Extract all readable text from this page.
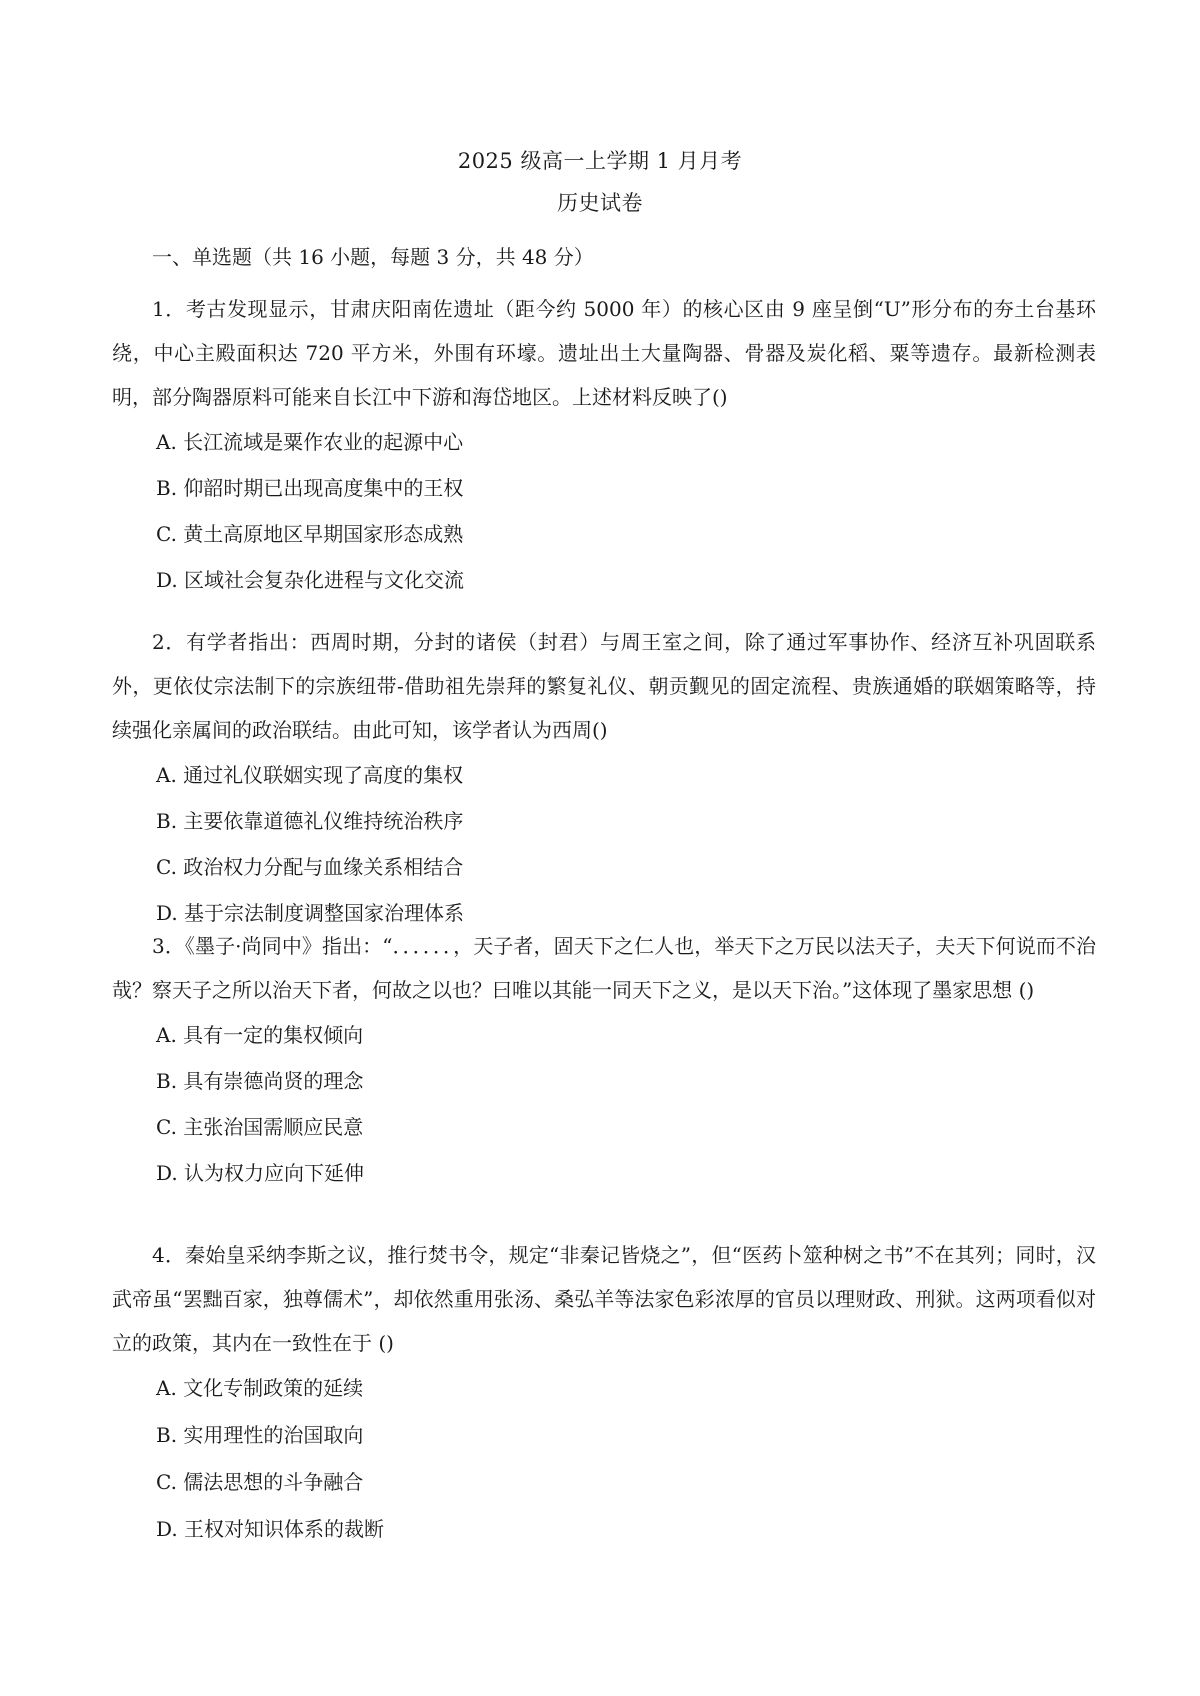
2025 级高一上学期 1 月月考
历史试卷
一、单选题（共 16 小题，每题 3 分，共 48 分）
1．考古发现显示，甘肃庆阳南佐遗址（距今约 5000 年）的核心区由 9 座呈倒“U”形分布的夯土台基环绕，中心主殿面积达 720 平方米，外围有环壕。遗址出土大量陶器、骨器及炭化稻、粟等遗存。最新检测表明，部分陶器原料可能来自长江中下游和海岱地区。上述材料反映了()
A. 长江流域是粟作农业的起源中心
B. 仰韶时期已出现高度集中的王权
C. 黄土高原地区早期国家形态成熟
D. 区域社会复杂化进程与文化交流
2．有学者指出：西周时期，分封的诸侯（封君）与周王室之间，除了通过军事协作、经济互补巩固联系外，更依仗宗法制下的宗族纽带-借助祖先崇拜的繁复礼仪、朝贡觐见的固定流程、贵族通婚的联姻策略等，持续强化亲属间的政治联结。由此可知，该学者认为西周()
A. 通过礼仪联姻实现了高度的集权
B. 主要依靠道德礼仪维持统治秩序
C. 政治权力分配与血缘关系相结合
D. 基于宗法制度调整国家治理体系
3．《墨子·尚同中》指出：“．．．．．．，天子者，固天下之仁人也，举天下之万民以法天子，夫天下何说而不治哉？察天子之所以治天下者，何故之以也？曰唯以其能一同天下之义，是以天下治。”这体现了墨家思想 ()
A. 具有一定的集权倾向
B. 具有崇德尚贤的理念
C. 主张治国需顺应民意
D. 认为权力应向下延伸
4．秦始皇采纳李斯之议，推行焚书令，规定“非秦记皆烧之”，但“医药卜筮种树之书”不在其列；同时，汉武帝虽“罢黜百家，独尊儒术”，却依然重用张汤、桑弘羊等法家色彩浓厚的官员以理财政、刑狱。这两项看似对立的政策，其内在一致性在于 ()
A. 文化专制政策的延续
B. 实用理性的治国取向
C. 儒法思想的斗争融合
D. 王权对知识体系的裁断
